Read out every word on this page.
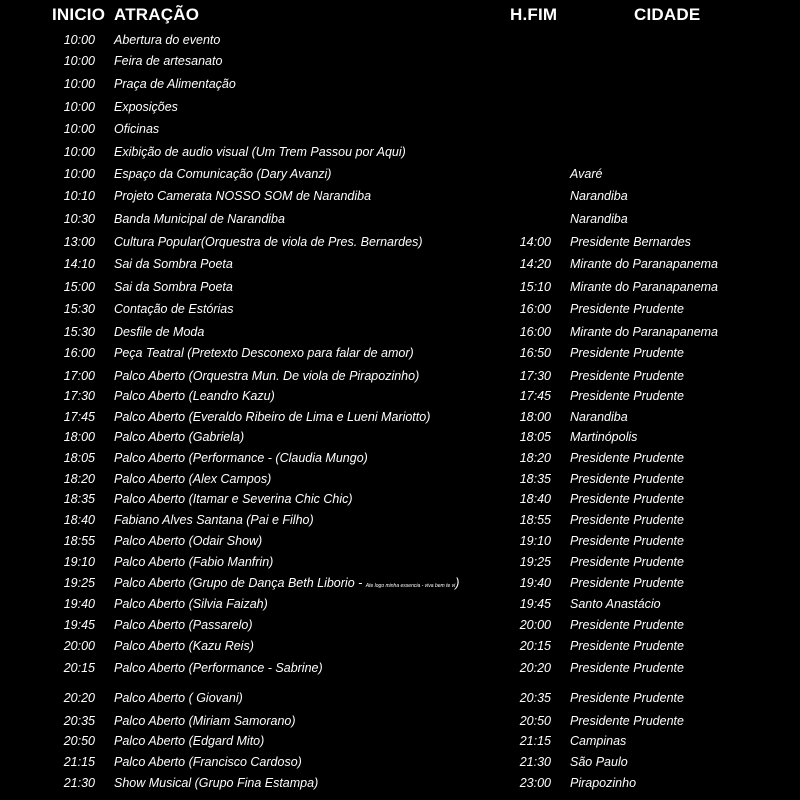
INICIO ATRAÇÃO	H.FIM	CIDADE
10:00 Abertura do evento
10:00 Feira de artesanato
10:00 Praça de Alimentação
10:00 Exposições
10:00 Oficinas
10:00 Exibição de audio visual (Um Trem Passou por Aqui)
10:00 Espaço da Comunicação (Dary Avanzi)	Avaré
10:10 Projeto Camerata NOSSO SOM de Narandiba	Narandiba
10:30 Banda Municipal de Narandiba	Narandiba
13:00 Cultura Popular(Orquestra de viola de Pres. Bernardes)	14:00 Presidente Bernardes
14:10 Sai da Sombra Poeta	14:20 Mirante do Paranapanema
15:00 Sai da Sombra Poeta	15:10 Mirante do Paranapanema
15:30 Contação de Estórias	16:00 Presidente Prudente
15:30 Desfile de Moda	16:00 Mirante do Paranapanema
16:00 Peça Teatral (Pretexto Desconexo para falar de amor)	16:50 Presidente Prudente
17:00 Palco Aberto (Orquestra Mun. De viola de Pirapozinho)	17:30 Presidente Prudente
17:30 Palco Aberto (Leandro Kazu)	17:45 Presidente Prudente
17:45 Palco Aberto (Everaldo Ribeiro de Lima e Lueni Mariotto)	18:00 Narandiba
18:00 Palco Aberto (Gabriela)	18:05 Martinópolis
18:05 Palco Aberto (Performance - (Claudia Mungo)	18:20 Presidente Prudente
18:20 Palco Aberto (Alex Campos)	18:35 Presidente Prudente
18:35 Palco Aberto (Itamar e Severina Chic Chic)	18:40 Presidente Prudente
18:40 Fabiano Alves Santana (Pai e Filho)	18:55 Presidente Prudente
18:55 Palco Aberto (Odair Show)	19:10 Presidente Prudente
19:10 Palco Aberto (Fabio Manfrin)	19:25 Presidente Prudente
19:25 Palco Aberto (Grupo de Dança Beth Liborio - Ate logo minha essencia - viva bem te vi)	19:40 Presidente Prudente
19:40 Palco Aberto (Silvia Faizah)	19:45 Santo Anastácio
19:45 Palco Aberto (Passarelo)	20:00 Presidente Prudente
20:00 Palco Aberto (Kazu Reis)	20:15 Presidente Prudente
20:15 Palco Aberto (Performance - Sabrine)	20:20 Presidente Prudente
20:20 Palco Aberto ( Giovani)	20:35 Presidente Prudente
20:35 Palco Aberto (Miriam Samorano)	20:50 Presidente Prudente
20:50 Palco Aberto (Edgard Mito)	21:15 Campinas
21:15 Palco Aberto (Francisco Cardoso)	21:30 São Paulo
21:30 Show Musical (Grupo Fina Estampa)	23:00 Pirapozinho
